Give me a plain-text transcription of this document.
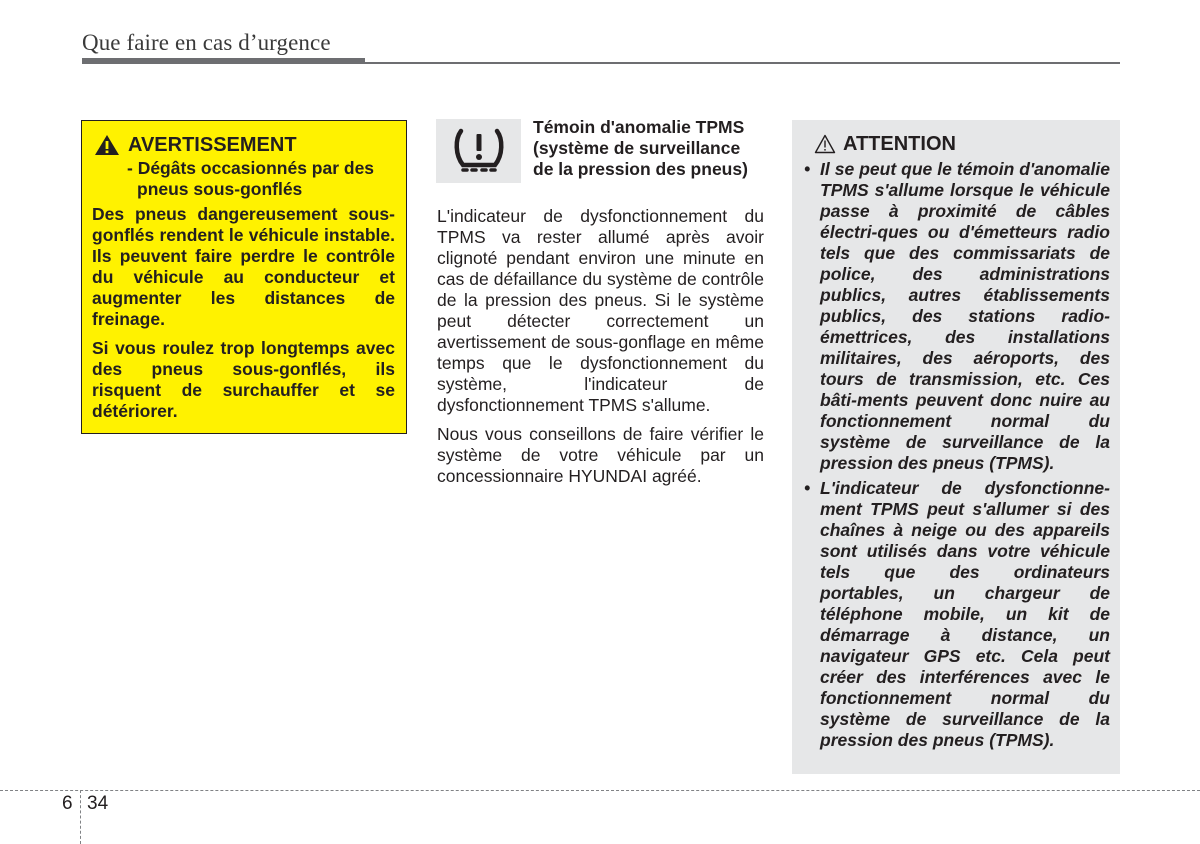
Que faire en cas d’urgence
AVERTISSEMENT
- Dégâts occasionnés par des pneus sous-gonflés

Des pneus dangereusement sous-gonflés rendent le véhicule instable. Ils peuvent faire perdre le contrôle du véhicule au conducteur et augmenter les distances de freinage.

Si vous roulez trop longtemps avec des pneus sous-gonflés, ils risquent de surchauffer et se détériorer.

Témoin d'anomalie TPMS (système de surveillance de la pression des pneus)

L'indicateur de dysfonctionnement du TPMS va rester allumé après avoir clignoté pendant environ une minute en cas de défaillance du système de contrôle de la pression des pneus. Si le système peut détecter correctement un avertissement de sous-gonflage en même temps que le dysfonctionnement du système, l'indicateur de dysfonctionnement TPMS s'allume.

Nous vous conseillons de faire vérifier le système de votre véhicule par un concessionnaire HYUNDAI agréé.

ATTENTION
• Il se peut que le témoin d'anomalie TPMS s'allume lorsque le véhicule passe à proximité de câbles électri-ques ou d'émetteurs radio tels que des commissariats de police, des administrations publics, autres établissements publics, des stations radio-émettrices, des installations militaires, des aéroports, des tours de transmission, etc. Ces bâti-ments peuvent donc nuire au fonctionnement normal du système de surveillance de la pression des pneus (TPMS).
• L'indicateur de dysfonctionne-ment TPMS peut s'allumer si des chaînes à neige ou des appareils sont utilisés dans votre véhicule tels que des ordinateurs portables, un chargeur de téléphone mobile, un kit de démarrage à distance, un navigateur GPS etc. Cela peut créer des interférences avec le fonctionnement normal du système de surveillance de la pression des pneus (TPMS).
6 34
